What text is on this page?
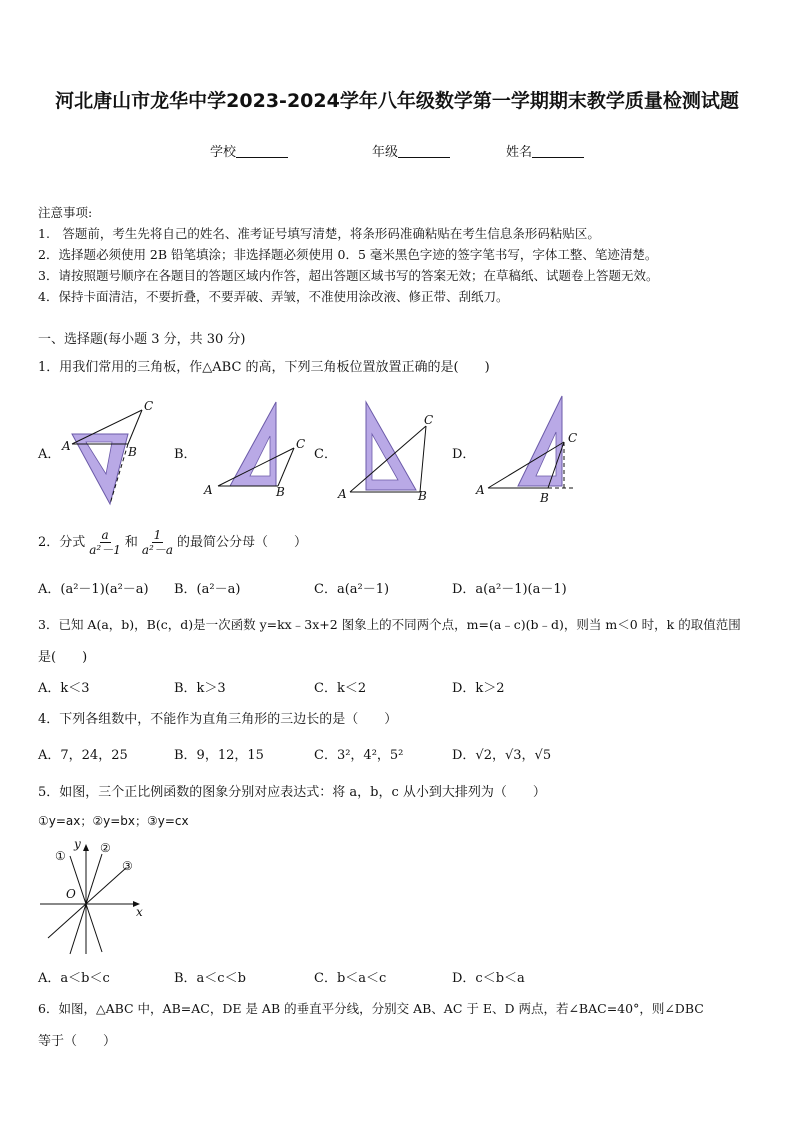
河北唐山市龙华中学2023-2024学年八年级数学第一学期期末教学质量检测试题
学校	年级	姓名
注意事项:
1.　答题前，考生先将自己的姓名、准考证号填写清楚，将条形码准确粘贴在考生信息条形码粘贴区。
2．选择题必须使用 2B 铅笔填涂；非选择题必须使用 0．5 毫米黑色字迹的签字笔书写，字体工整、笔迹清楚。
3．请按照题号顺序在各题目的答题区域内作答，超出答题区域书写的答案无效；在草稿纸、试题卷上答题无效。
4．保持卡面清洁，不要折叠，不要弄破、弄皱，不准使用涂改液、修正带、刮纸刀。
一、选择题(每小题 3 分，共 30 分)
1．用我们常用的三角板，作△ABC 的高，下列三角板位置放置正确的是(　　)
A．	B．	C．	D．
A	B
C
A	B
C
A	B
C
A
B
C
2．分式 $\frac{a}{\text{a²－1}}$ 和 $\frac{1}{\text{a²－a}}$ 的最简公分母（　　）
A．(a²－1)(a²－a) B．(a²－a)	C．a(a²－1)	D．a(a²－1)(a－1)
3．已知 A(a，b)，B(c，d)是一次函数 y=kx﹣3x+2 图象上的不同两个点，m=(a﹣c)(b﹣d)，则当 m＜0 时，k 的取值范围
是(　　)
A．k＜3	B．k＞3	C．k＜2	D．k＞2
4．下列各组数中，不能作为直角三角形的三边长的是（　　）
A．7，24，25	B．9，12，15	C．3²，4²，5²	D．√2，√3，√5
5．如图，三个正比例函数的图象分别对应表达式：将 a，b，c 从小到大排列为（　　）
①y=ax；②y=bx；③y=cx
①
②
③
y
x
O
A．a＜b＜c	B．a＜c＜b	C．b＜a＜c	D．c＜b＜a
6．如图，△ABC 中，AB=AC，DE 是 AB 的垂直平分线，分别交 AB、AC 于 E、D 两点，若∠BAC=40°，则∠DBC
等于（　　）
